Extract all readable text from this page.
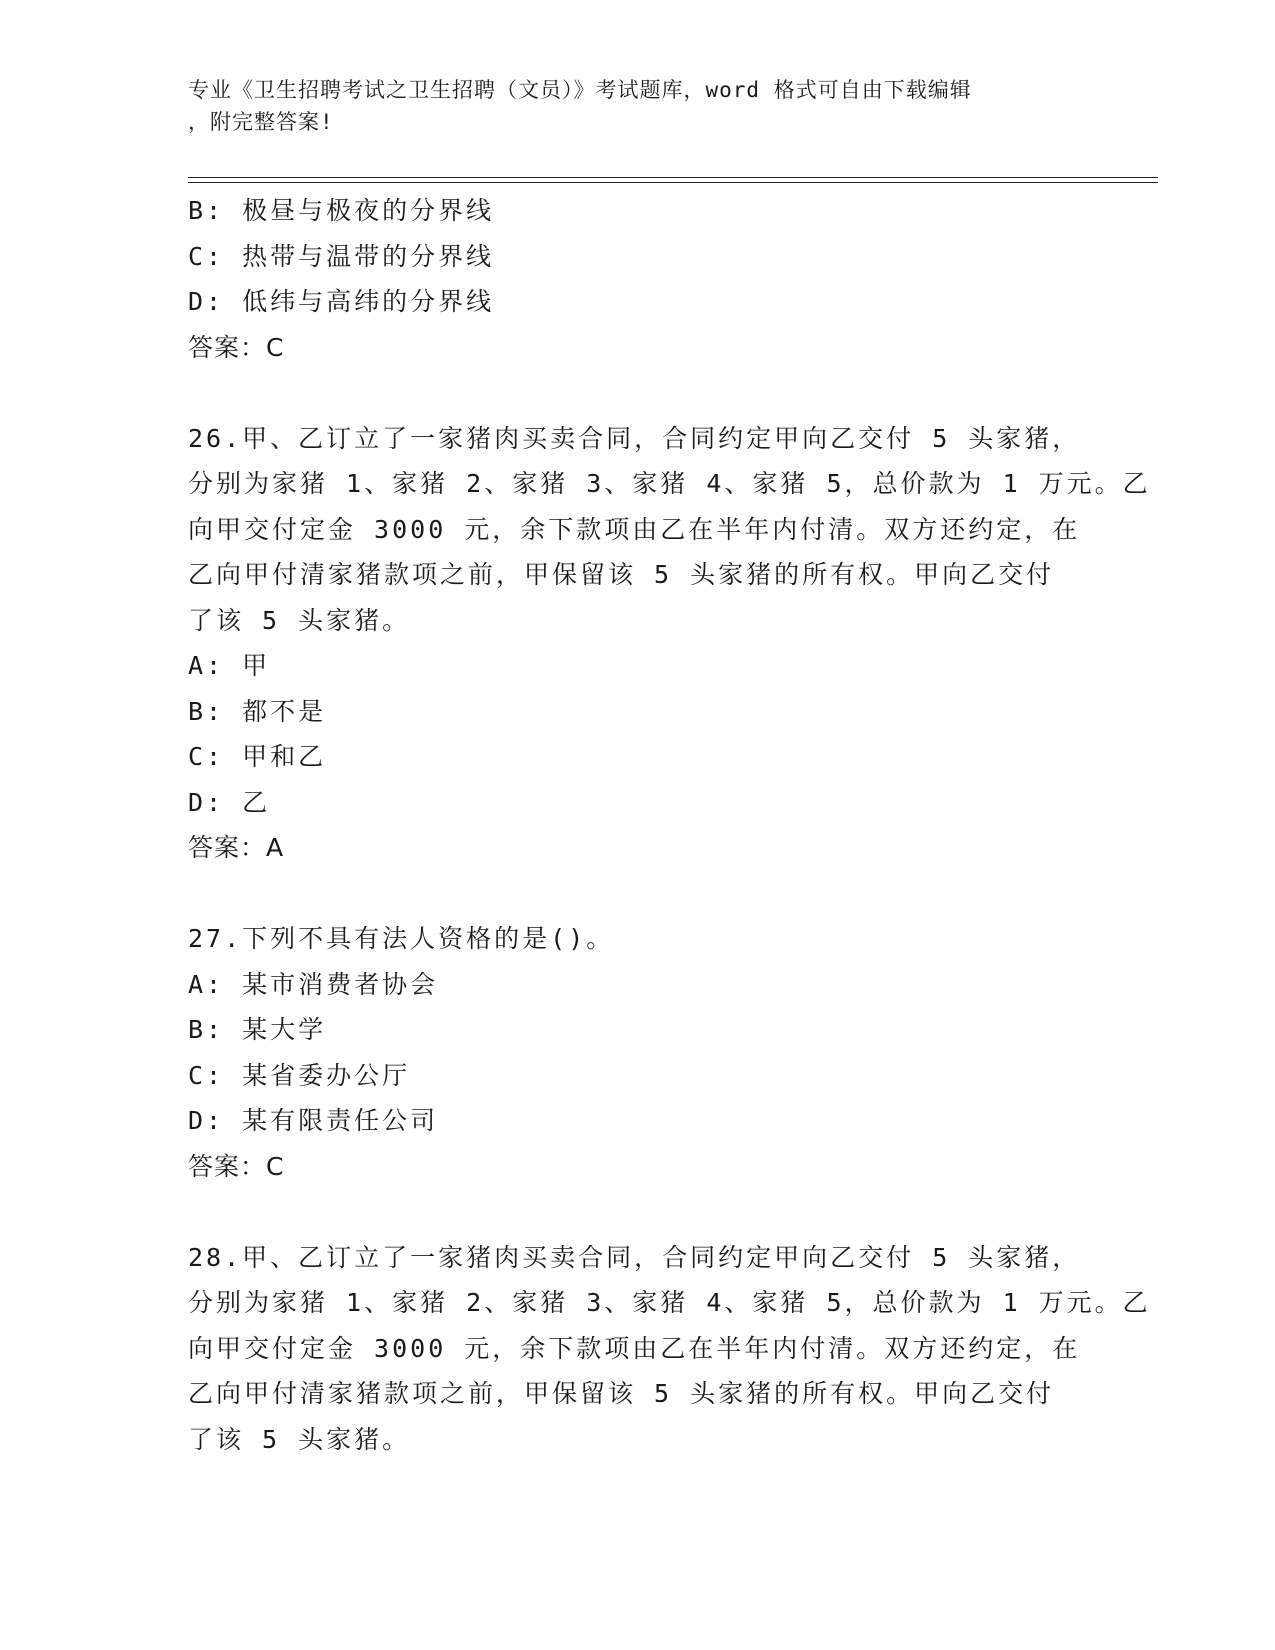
专业《卫生招聘考试之卫生招聘（文员）》考试题库，word 格式可自由下载编辑
，附完整答案!
B: 极昼与极夜的分界线
C: 热带与温带的分界线
D: 低纬与高纬的分界线
答案：C
26.甲、乙订立了一家猪肉买卖合同，合同约定甲向乙交付 5 头家猪，
分别为家猪 1、家猪 2、家猪 3、家猪 4、家猪 5，总价款为 1 万元。乙
向甲交付定金 3000 元，余下款项由乙在半年内付清。双方还约定，在
乙向甲付清家猪款项之前，甲保留该 5 头家猪的所有权。甲向乙交付
了该 5 头家猪。
A: 甲
B: 都不是
C: 甲和乙
D: 乙
答案：A
27.下列不具有法人资格的是()。
A: 某市消费者协会
B: 某大学
C: 某省委办公厅
D: 某有限责任公司
答案：C
28.甲、乙订立了一家猪肉买卖合同，合同约定甲向乙交付 5 头家猪，
分别为家猪 1、家猪 2、家猪 3、家猪 4、家猪 5，总价款为 1 万元。乙
向甲交付定金 3000 元，余下款项由乙在半年内付清。双方还约定，在
乙向甲付清家猪款项之前，甲保留该 5 头家猪的所有权。甲向乙交付
了该 5 头家猪。
